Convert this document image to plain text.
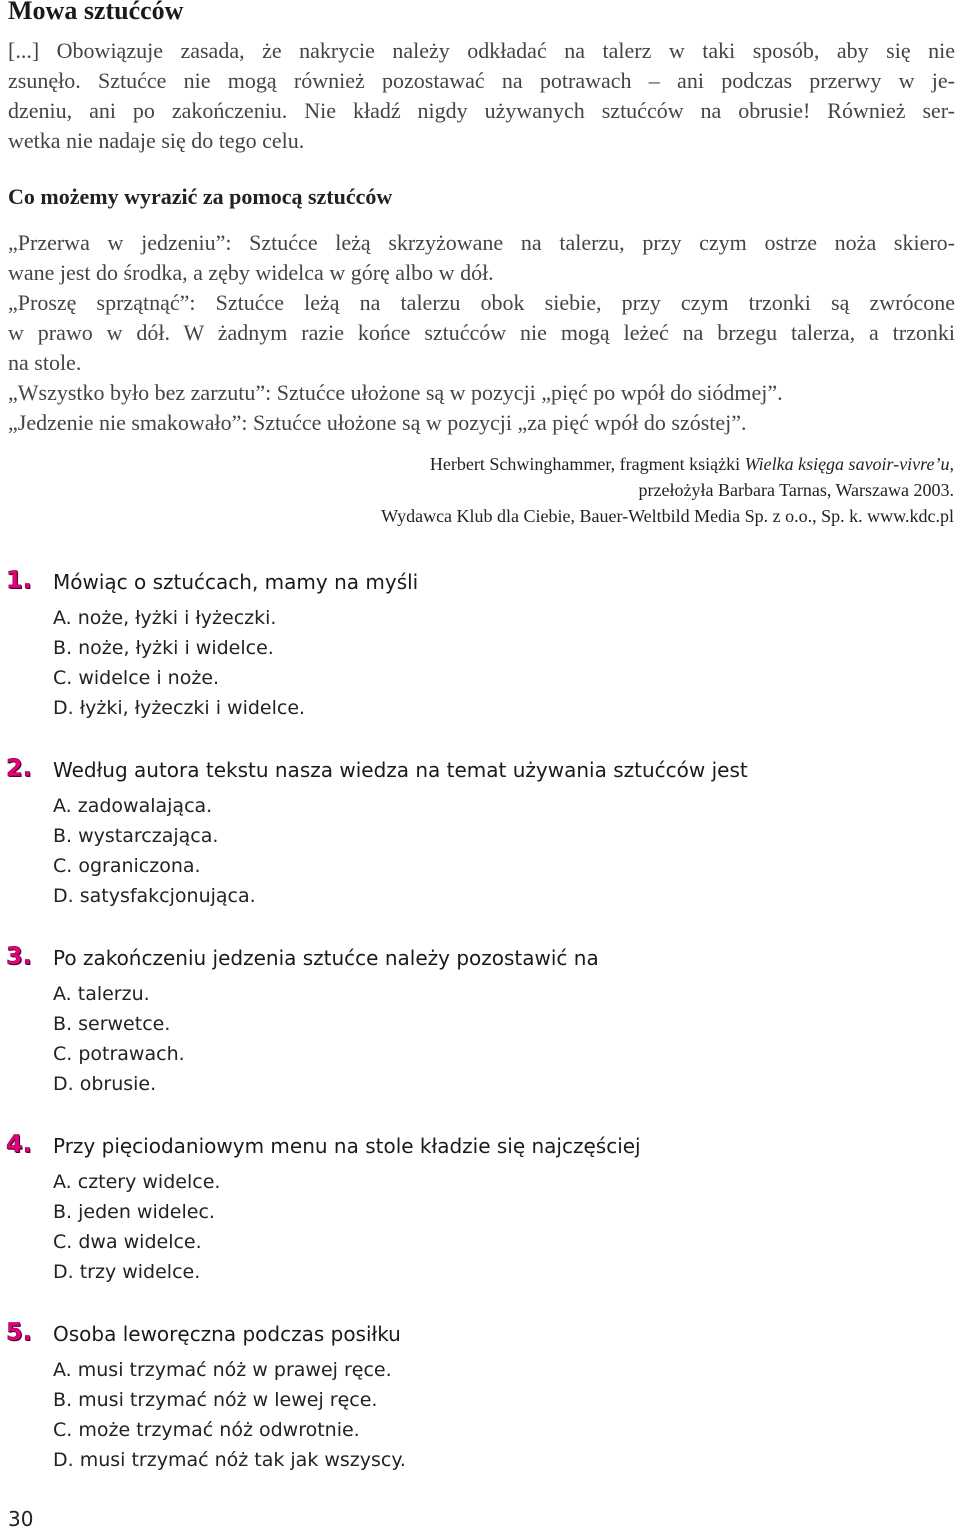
Mowa sztućców
[...] Obowiązuje zasada, że nakrycie należy odkładać na talerz w taki sposób, aby się nie
zsunęło. Sztućce nie mogą również pozostawać na potrawach – ani podczas przerwy w je-
dzeniu, ani po zakończeniu. Nie kładź nigdy używanych sztućców na obrusie! Również ser-
wetka nie nadaje się do tego celu.
Co możemy wyrazić za pomocą sztućców
„Przerwa w jedzeniu”: Sztućce leżą skrzyżowane na talerzu, przy czym ostrze noża skiero-
wane jest do środka, a zęby widelca w górę albo w dół.
„Proszę sprzątnąć”: Sztućce leżą na talerzu obok siebie, przy czym trzonki są zwrócone
w prawo w dół. W żadnym razie końce sztućców nie mogą leżeć na brzegu talerza, a trzonki
na stole.
„Wszystko było bez zarzutu”: Sztućce ułożone są w pozycji „pięć po wpół do siódmej”.
„Jedzenie nie smakowało”: Sztućce ułożone są w pozycji „za pięć wpół do szóstej”.
Herbert Schwinghammer, fragment książki Wielka księga savoir-vivre’u,
przełożyła Barbara Tarnas, Warszawa 2003.
Wydawca Klub dla Ciebie, Bauer-Weltbild Media Sp. z o.o., Sp. k. www.kdc.pl
1. Mówiąc o sztućcach, mamy na myśli
A. noże, łyżki i łyżeczki.
B. noże, łyżki i widelce.
C. widelce i noże.
D. łyżki, łyżeczki i widelce.
2. Według autora tekstu nasza wiedza na temat używania sztućców jest
A. zadowalająca.
B. wystarczająca.
C. ograniczona.
D. satysfakcjonująca.
3. Po zakończeniu jedzenia sztućce należy pozostawić na
A. talerzu.
B. serwetce.
C. potrawach.
D. obrusie.
4. Przy pięciodaniowym menu na stole kładzie się najczęściej
A. cztery widelce.
B. jeden widelec.
C. dwa widelce.
D. trzy widelce.
5. Osoba leworęczna podczas posiłku
A. musi trzymać nóż w prawej ręce.
B. musi trzymać nóż w lewej ręce.
C. może trzymać nóż odwrotnie.
D. musi trzymać nóż tak jak wszyscy.
30
